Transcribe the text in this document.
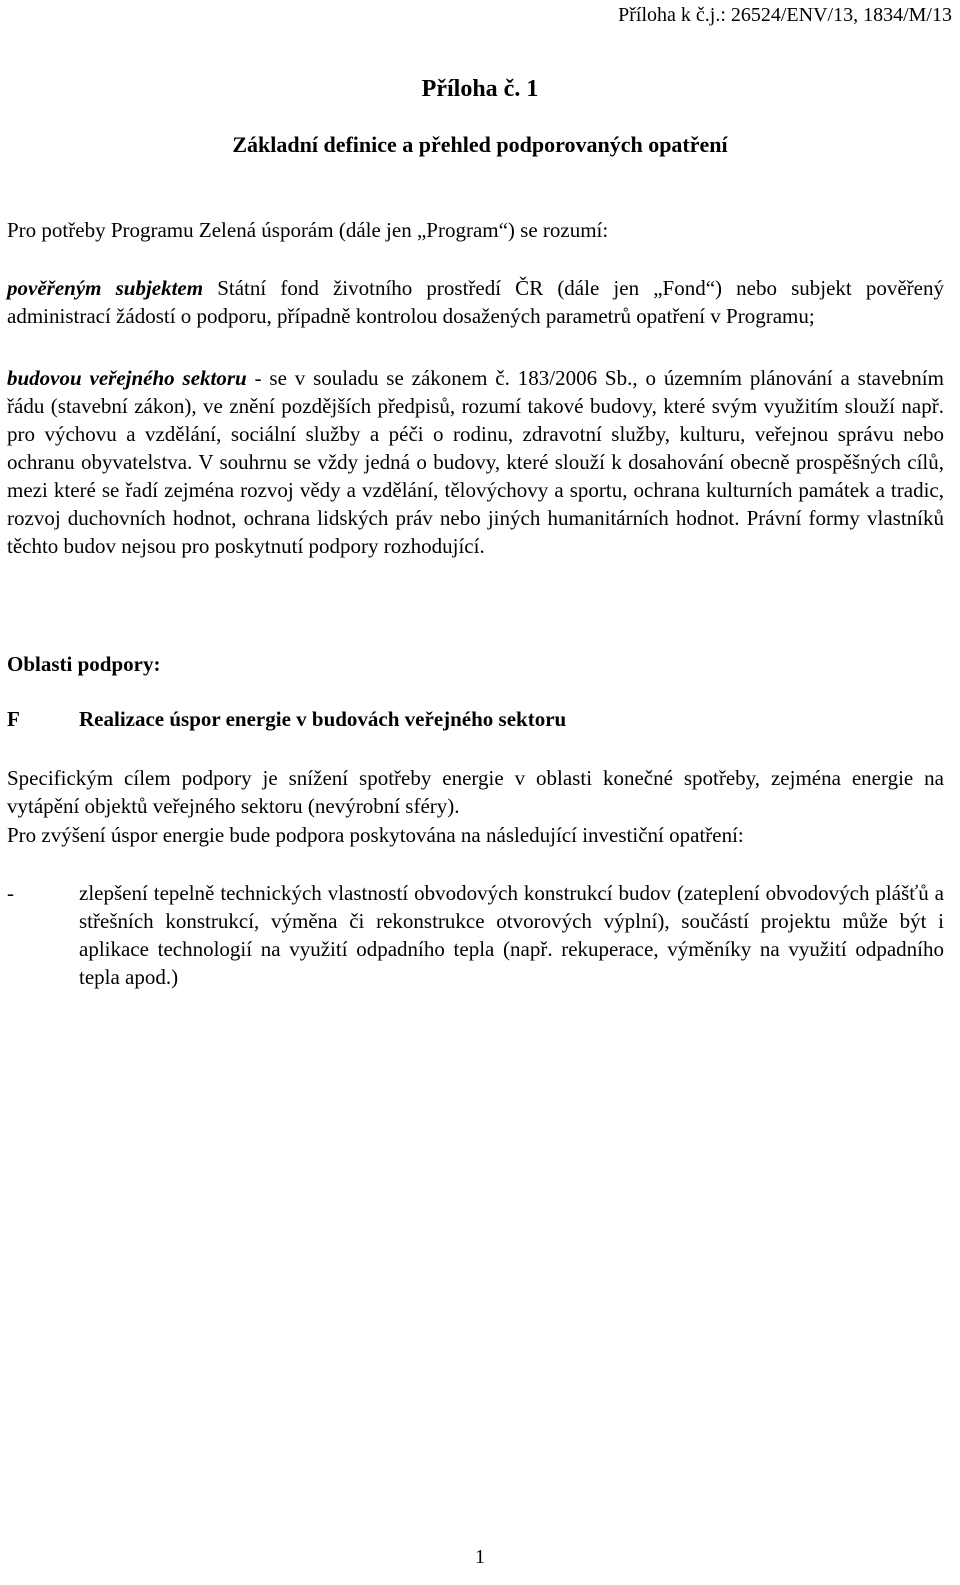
Příloha k č.j.: 26524/ENV/13, 1834/M/13
Příloha č. 1
Základní definice a přehled podporovaných opatření
Pro potřeby Programu Zelená úsporám (dále jen „Program“) se rozumí:
pověřeným subjektem Státní fond životního prostředí ČR (dále jen „Fond“) nebo subjekt pověřený administrací žádostí o podporu, případně kontrolou dosažených parametrů opatření v Programu;
budovou veřejného sektoru - se v souladu se zákonem č. 183/2006 Sb., o územním plánování a stavebním řádu (stavební zákon), ve znění pozdějších předpisů, rozumí takové budovy, které svým využitím slouží např. pro výchovu a vzdělání, sociální služby a péči o rodinu, zdravotní služby, kulturu, veřejnou správu nebo ochranu obyvatelstva. V souhrnu se vždy jedná o budovy, které slouží k dosahování obecně prospěšných cílů, mezi které se řadí zejména rozvoj vědy a vzdělání, tělovýchovy a sportu, ochrana kulturních památek a tradic, rozvoj duchovních hodnot, ochrana lidských práv nebo jiných humanitárních hodnot. Právní formy vlastníků těchto budov nejsou pro poskytnutí podpory rozhodující.
Oblasti podpory:
F	Realizace úspor energie v budovách veřejného sektoru
Specifickým cílem podpory je snížení spotřeby energie v oblasti konečné spotřeby, zejména energie na vytápění objektů veřejného sektoru (nevýrobní sféry).
Pro zvýšení úspor energie bude podpora poskytována na následující investiční opatření:
-	zlepšení tepelně technických vlastností obvodových konstrukcí budov (zateplení obvodových plášťů a střešních konstrukcí, výměna či rekonstrukce otvorových výplní), součástí projektu může být i aplikace technologií na využití odpadního tepla (např. rekuperace, výměníky na využití odpadního tepla apod.)
1
